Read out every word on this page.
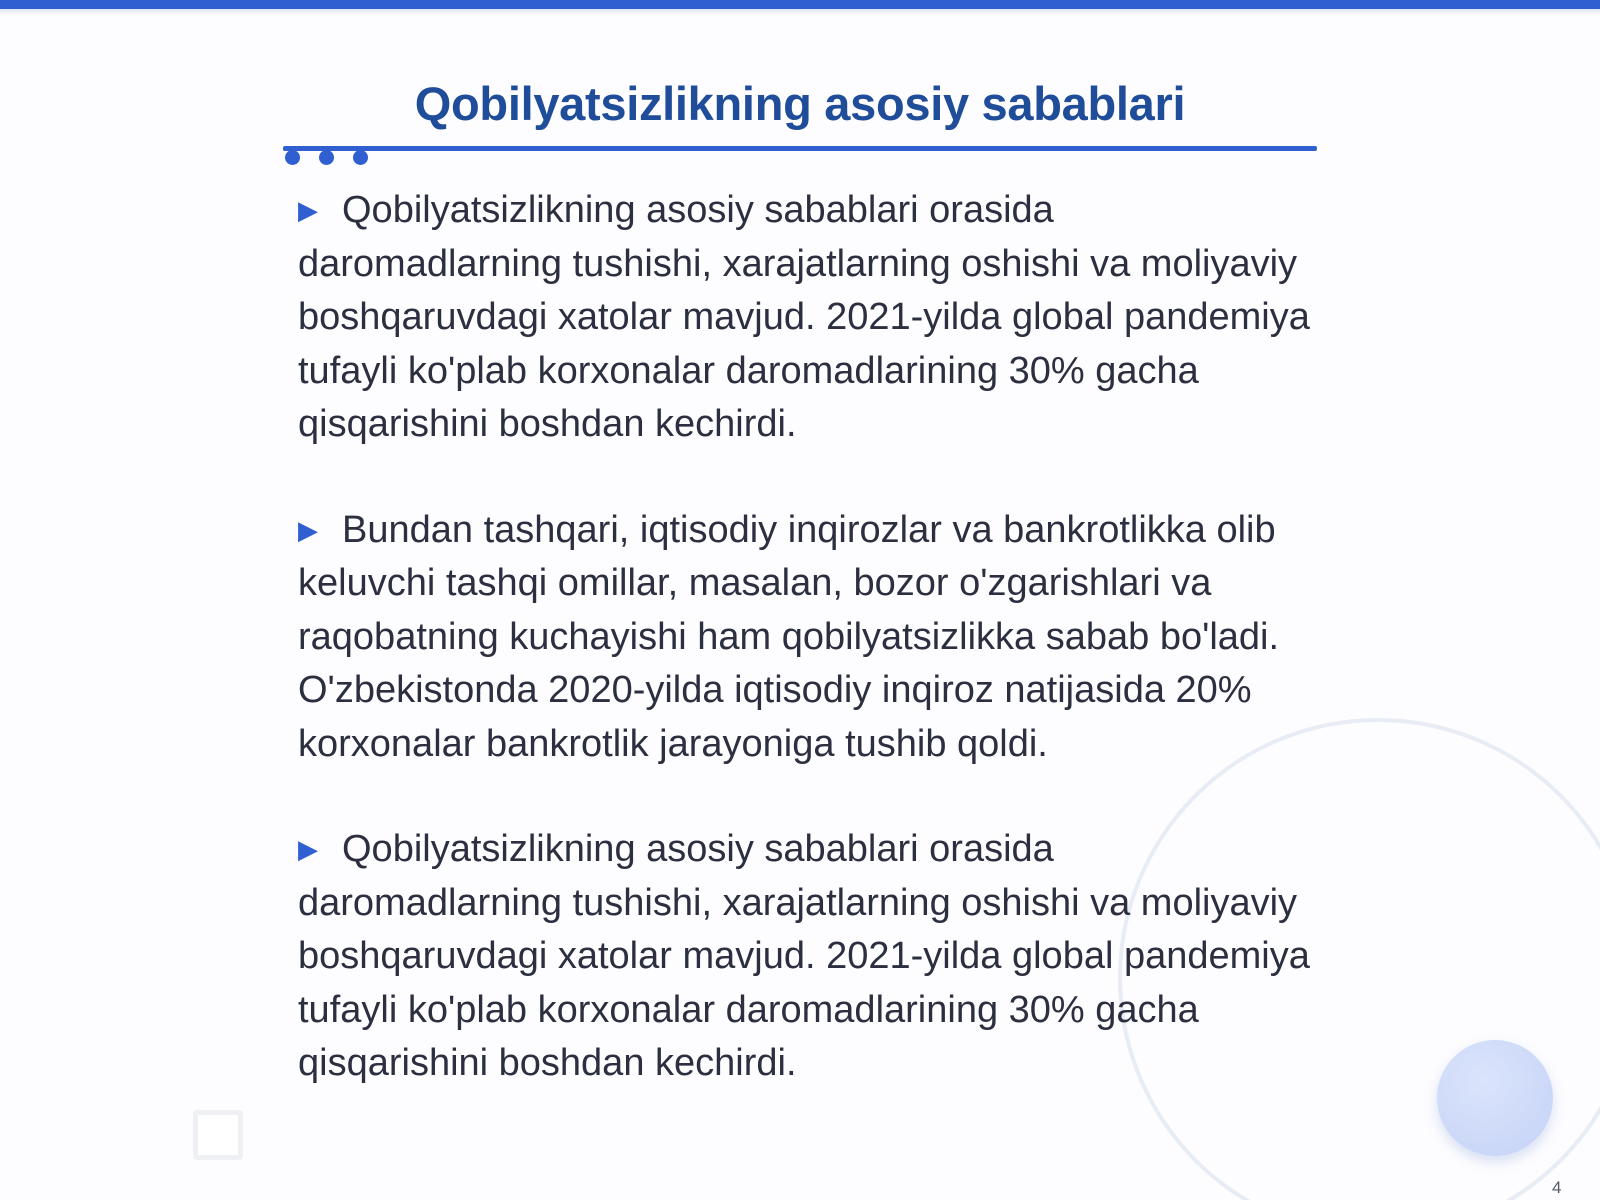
Qobilyatsizlikning asosiy sabablari

▶ Qobilyatsizlikning asosiy sabablari orasida daromadlarning tushishi, xarajatlarning oshishi va moliyaviy boshqaruvdagi xatolar mavjud. 2021-yilda global pandemiya tufayli ko'plab korxonalar daromadlarining 30% gacha qisqarishini boshdan kechirdi.

▶ Bundan tashqari, iqtisodiy inqirozlar va bankrotlikka olib keluvchi tashqi omillar, masalan, bozor o'zgarishlari va raqobatning kuchayishi ham qobilyatsizlikka sabab bo'ladi. O'zbekistonda 2020-yilda iqtisodiy inqiroz natijasida 20% korxonalar bankrotlik jarayoniga tushib qoldi.

▶ Qobilyatsizlikning asosiy sabablari orasida daromadlarning tushishi, xarajatlarning oshishi va moliyaviy boshqaruvdagi xatolar mavjud. 2021-yilda global pandemiya tufayli ko'plab korxonalar daromadlarining 30% gacha qisqarishini boshdan kechirdi.

4
